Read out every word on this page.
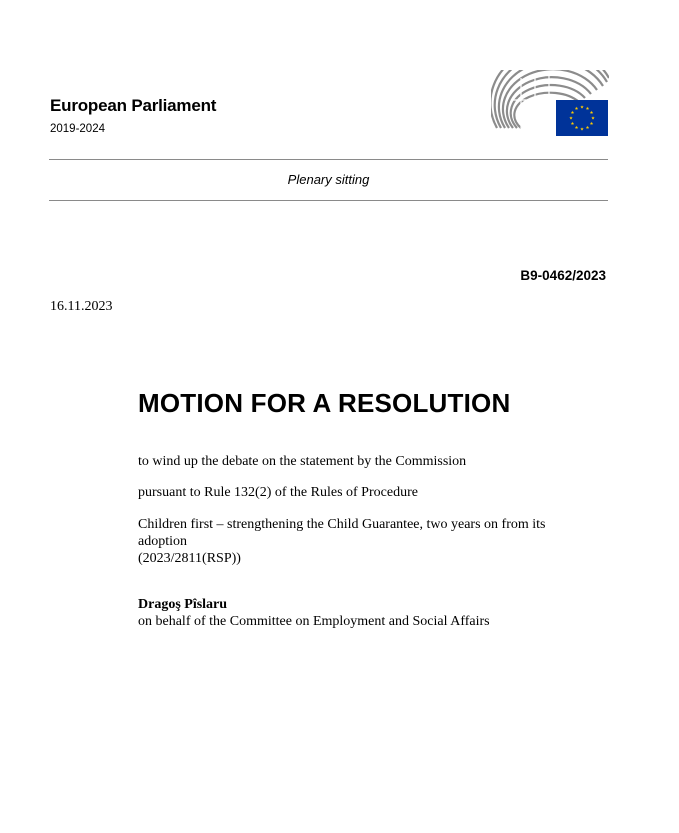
European Parliament
2019-2024
Plenary sitting
B9-0462/2023
16.11.2023
MOTION FOR A RESOLUTION
to wind up the debate on the statement by the Commission
pursuant to Rule 132(2) of the Rules of Procedure
Children first – strengthening the Child Guarantee, two years on from its
adoption
(2023/2811(RSP))
Dragoş Pîslaru
on behalf of the Committee on Employment and Social Affairs
